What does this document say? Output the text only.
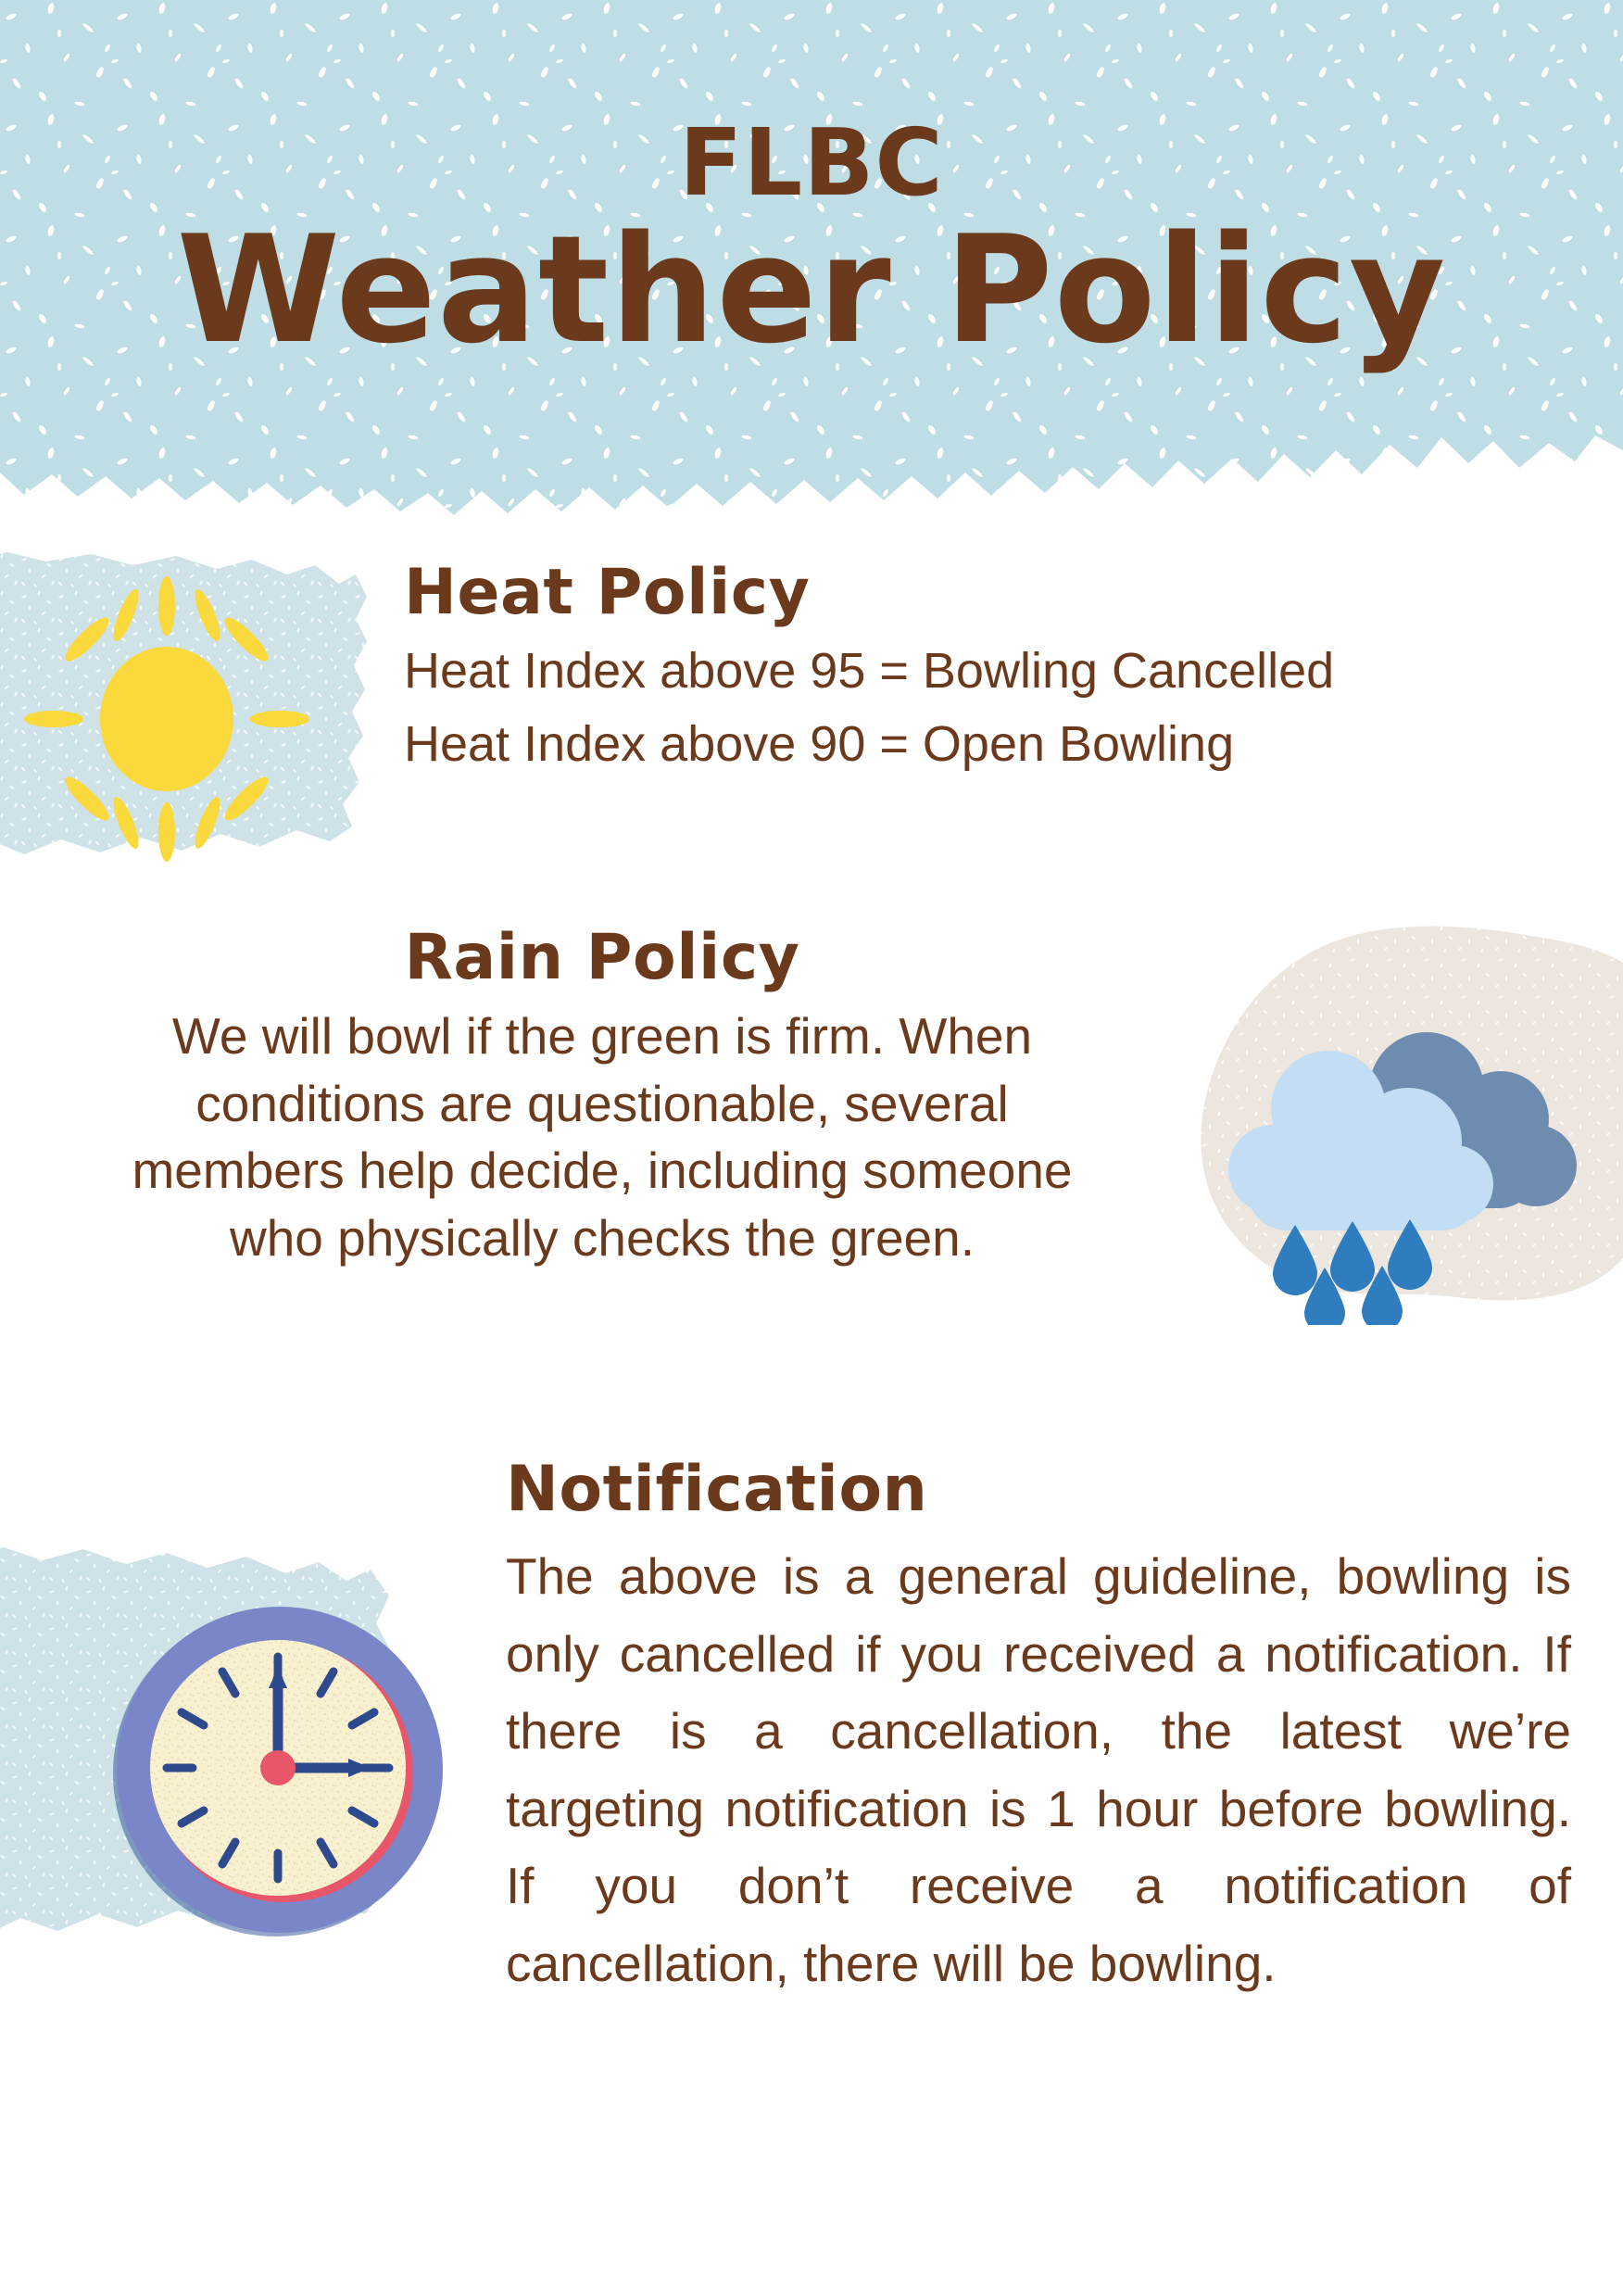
FLBC
Weather Policy
Heat Policy
Heat Index above 95 = Bowling Cancelled
Heat Index above 90 = Open Bowling
Rain Policy
We will bowl if the green is firm. When
conditions are questionable, several
members help decide, including someone
who physically checks the green.
Notification

The above is a general guideline, bowling is only cancelled if you received a notification. If there is a cancellation, the latest we’re targeting notification is 1 hour before bowling. If you don’t receive a notification of cancellation, there will be bowling.
